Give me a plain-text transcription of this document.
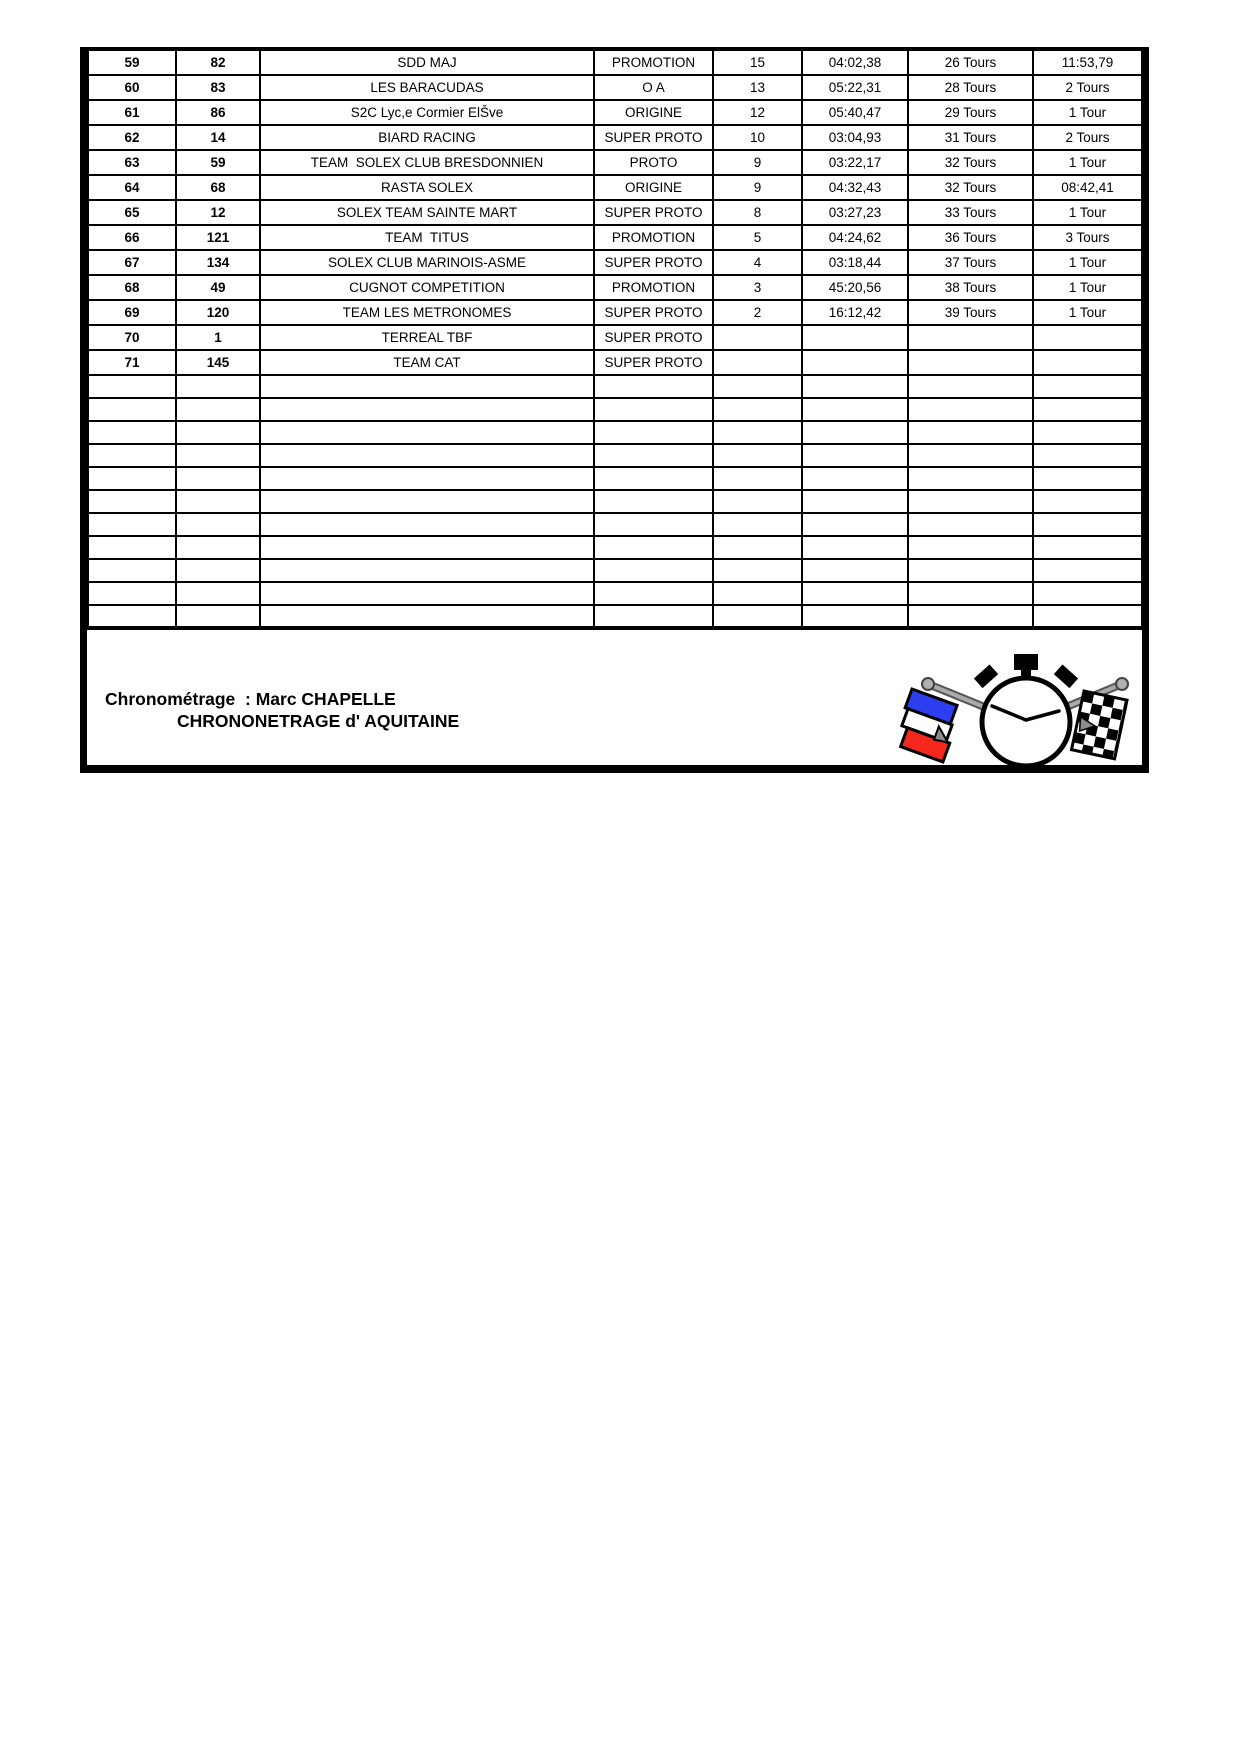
59	82	SDD MAJ	PROMOTION	15	04:02,38	26 Tours	11:53,79
60	83	LES BARACUDAS	O A	13	05:22,31	28 Tours	2 Tours
61	86	S2C Lyc,e Cormier ElŠve	ORIGINE	12	05:40,47	29 Tours	1 Tour
62	14	BIARD RACING	SUPER PROTO	10	03:04,93	31 Tours	2 Tours
63	59	TEAM  SOLEX CLUB BRESDONNIEN	PROTO	9	03:22,17	32 Tours	1 Tour
64	68	RASTA SOLEX	ORIGINE	9	04:32,43	32 Tours	08:42,41
65	12	SOLEX TEAM SAINTE MART	SUPER PROTO	8	03:27,23	33 Tours	1 Tour
66	121	TEAM  TITUS	PROMOTION	5	04:24,62	36 Tours	3 Tours
67	134	SOLEX CLUB MARINOIS-ASME	SUPER PROTO	4	03:18,44	37 Tours	1 Tour
68	49	CUGNOT COMPETITION	PROMOTION	3	45:20,56	38 Tours	1 Tour
69	120	TEAM LES METRONOMES	SUPER PROTO	2	16:12,42	39 Tours	1 Tour
70	1	TERREAL TBF	SUPER PROTO				
71	145	TEAM CAT	SUPER PROTO				

Chronométrage  : Marc CHAPELLE
CHRONONETRAGE d' AQUITAINE
